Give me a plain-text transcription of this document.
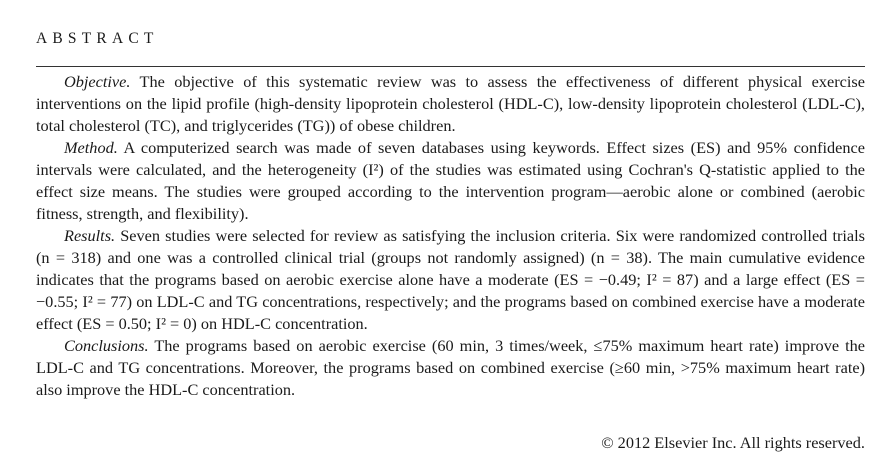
ABSTRACT

Objective. The objective of this systematic review was to assess the effectiveness of different physical exercise interventions on the lipid profile (high-density lipoprotein cholesterol (HDL-C), low-density lipoprotein cholesterol (LDL-C), total cholesterol (TC), and triglycerides (TG)) of obese children.

Method. A computerized search was made of seven databases using keywords. Effect sizes (ES) and 95% confidence intervals were calculated, and the heterogeneity (I²) of the studies was estimated using Cochran's Q-statistic applied to the effect size means. The studies were grouped according to the intervention program—aerobic alone or combined (aerobic fitness, strength, and flexibility).

Results. Seven studies were selected for review as satisfying the inclusion criteria. Six were randomized controlled trials (n = 318) and one was a controlled clinical trial (groups not randomly assigned) (n = 38). The main cumulative evidence indicates that the programs based on aerobic exercise alone have a moderate (ES = −0.49; I² = 87) and a large effect (ES = −0.55; I² = 77) on LDL-C and TG concentrations, respectively; and the programs based on combined exercise have a moderate effect (ES = 0.50; I² = 0) on HDL-C concentration.

Conclusions. The programs based on aerobic exercise (60 min, 3 times/week, ≤75% maximum heart rate) improve the LDL-C and TG concentrations. Moreover, the programs based on combined exercise (≥60 min, >75% maximum heart rate) also improve the HDL-C concentration.

© 2012 Elsevier Inc. All rights reserved.
